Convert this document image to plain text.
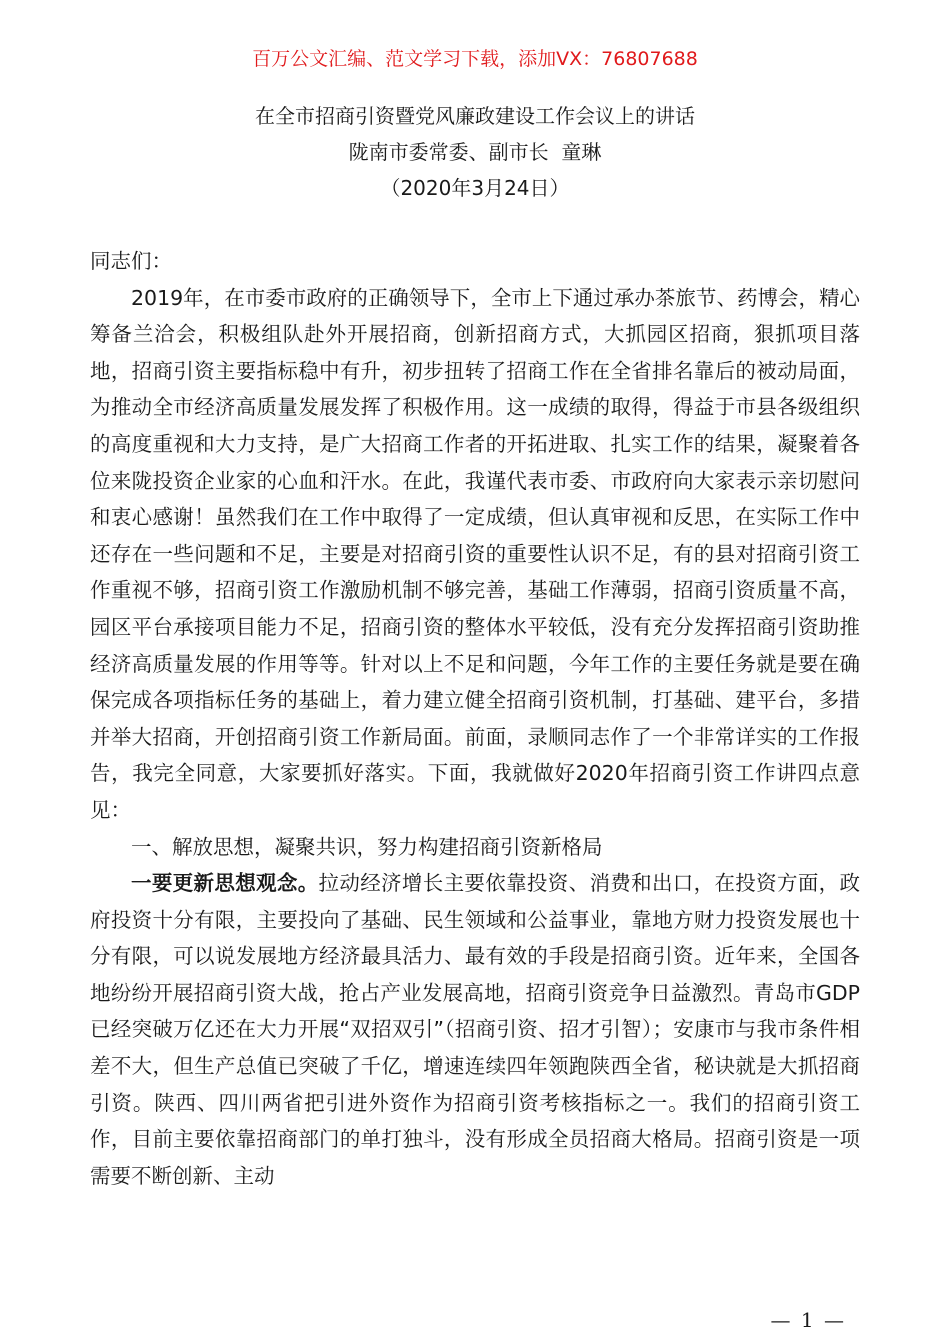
百万公文汇编、范文学习下载，添加VX：76807688
在全市招商引资暨党风廉政建设工作会议上的讲话
陇南市委常委、副市长  童琳
（2020年3月24日）

同志们：

2019年，在市委市政府的正确领导下，全市上下通过承办茶旅节、药博会，精心筹备兰洽会，积极组队赴外开展招商，创新招商方式，大抓园区招商，狠抓项目落地，招商引资主要指标稳中有升，初步扭转了招商工作在全省排名靠后的被动局面，为推动全市经济高质量发展发挥了积极作用。这一成绩的取得，得益于市县各级组织的高度重视和大力支持，是广大招商工作者的开拓进取、扎实工作的结果，凝聚着各位来陇投资企业家的心血和汗水。在此，我谨代表市委、市政府向大家表示亲切慰问和衷心感谢！虽然我们在工作中取得了一定成绩，但认真审视和反思，在实际工作中还存在一些问题和不足，主要是对招商引资的重要性认识不足，有的县对招商引资工作重视不够，招商引资工作激励机制不够完善，基础工作薄弱，招商引资质量不高，园区平台承接项目能力不足，招商引资的整体水平较低，没有充分发挥招商引资助推经济高质量发展的作用等等。针对以上不足和问题，今年工作的主要任务就是要在确保完成各项指标任务的基础上，着力建立健全招商引资机制，打基础、建平台，多措并举大招商，开创招商引资工作新局面。前面，录顺同志作了一个非常详实的工作报告，我完全同意，大家要抓好落实。下面，我就做好2020年招商引资工作讲四点意见：

一、解放思想，凝聚共识，努力构建招商引资新格局

一要更新思想观念。拉动经济增长主要依靠投资、消费和出口，在投资方面，政府投资十分有限，主要投向了基础、民生领域和公益事业，靠地方财力投资发展也十分有限，可以说发展地方经济最具活力、最有效的手段是招商引资。近年来，全国各地纷纷开展招商引资大战，抢占产业发展高地，招商引资竞争日益激烈。青岛市GDP已经突破万亿还在大力开展“双招双引”（招商引资、招才引智）；安康市与我市条件相差不大，但生产总值已突破了千亿，增速连续四年领跑陕西全省，秘诀就是大抓招商引资。陕西、四川两省把引进外资作为招商引资考核指标之一。我们的招商引资工作，目前主要依靠招商部门的单打独斗，没有形成全员招商大格局。招商引资是一项需要不断创新、主动

— 1 —
